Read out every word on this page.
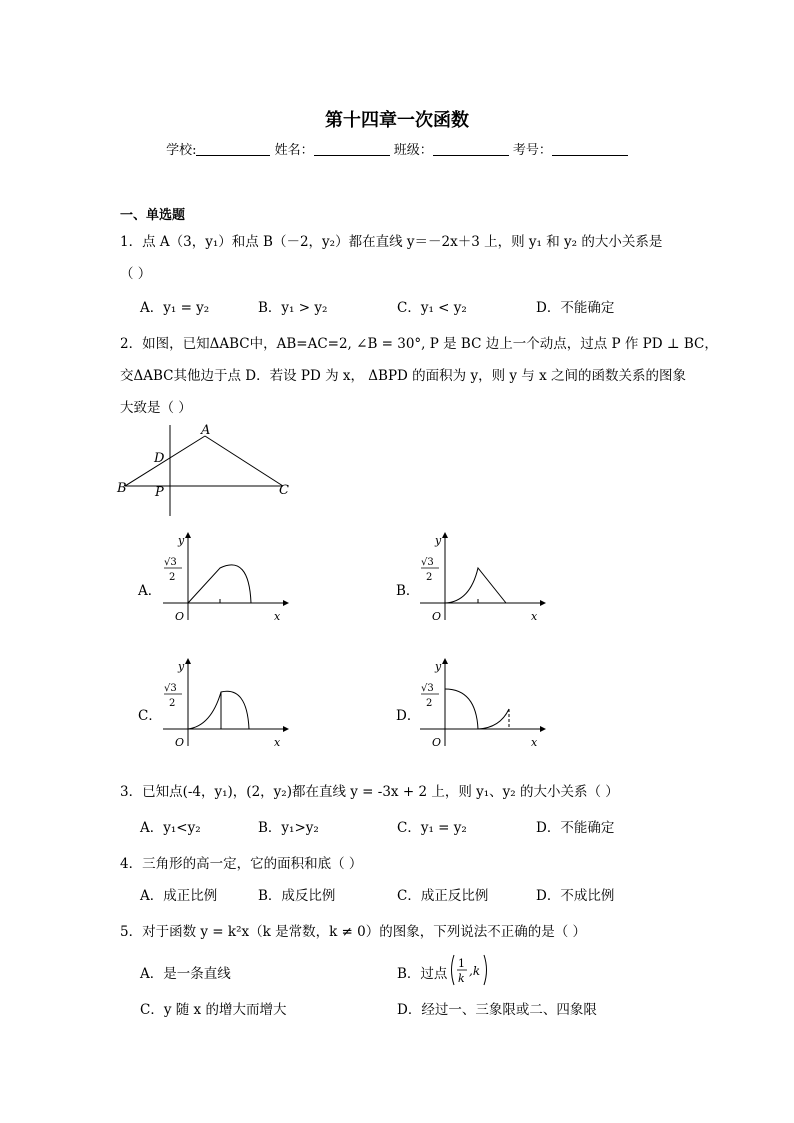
第十四章一次函数
学校:	姓名：	班级：	考号：
一、单选题
1．点 A（3，y₁）和点 B（－2，y₂）都在直线 y＝－2x＋3 上，则 y₁ 和 y₂ 的大小关系是
（ ）
A．y₁ = y₂	B．y₁ > y₂	C．y₁ < y₂	D．不能确定
2．如图，已知ΔABC中，AB=AC=2, ∠B = 30°, P 是 BC 边上一个动点，过点 P 作 PD ⊥ BC，
交ΔABC其他边于点 D．若设 PD 为 x， ΔBPD 的面积为 y，则 y 与 x 之间的函数关系的图象
大致是（ ）
A
B	C
D
P
A．
y
x
O
√3
2
B．
y
x
O
√3
2
C．
y
x
O
√3
2
D．
y
x
O
√3
2
3．已知点(-4，y₁)，(2，y₂)都在直线 y = -3x + 2 上，则 y₁、y₂ 的大小关系（ ）
A．y₁<y₂	B．y₁>y₂	C．y₁ = y₂	D．不能确定
4．三角形的高一定，它的面积和底（ ）
A．成正比例	B．成反比例	C．成正反比例	D．不成比例
5．对于函数 y = k²x（k 是常数，k ≠ 0）的图象，下列说法不正确的是（ ）
A．是一条直线	B．过点
1
k
,k
C．y 随 x 的增大而增大	D．经过一、三象限或二、四象限
